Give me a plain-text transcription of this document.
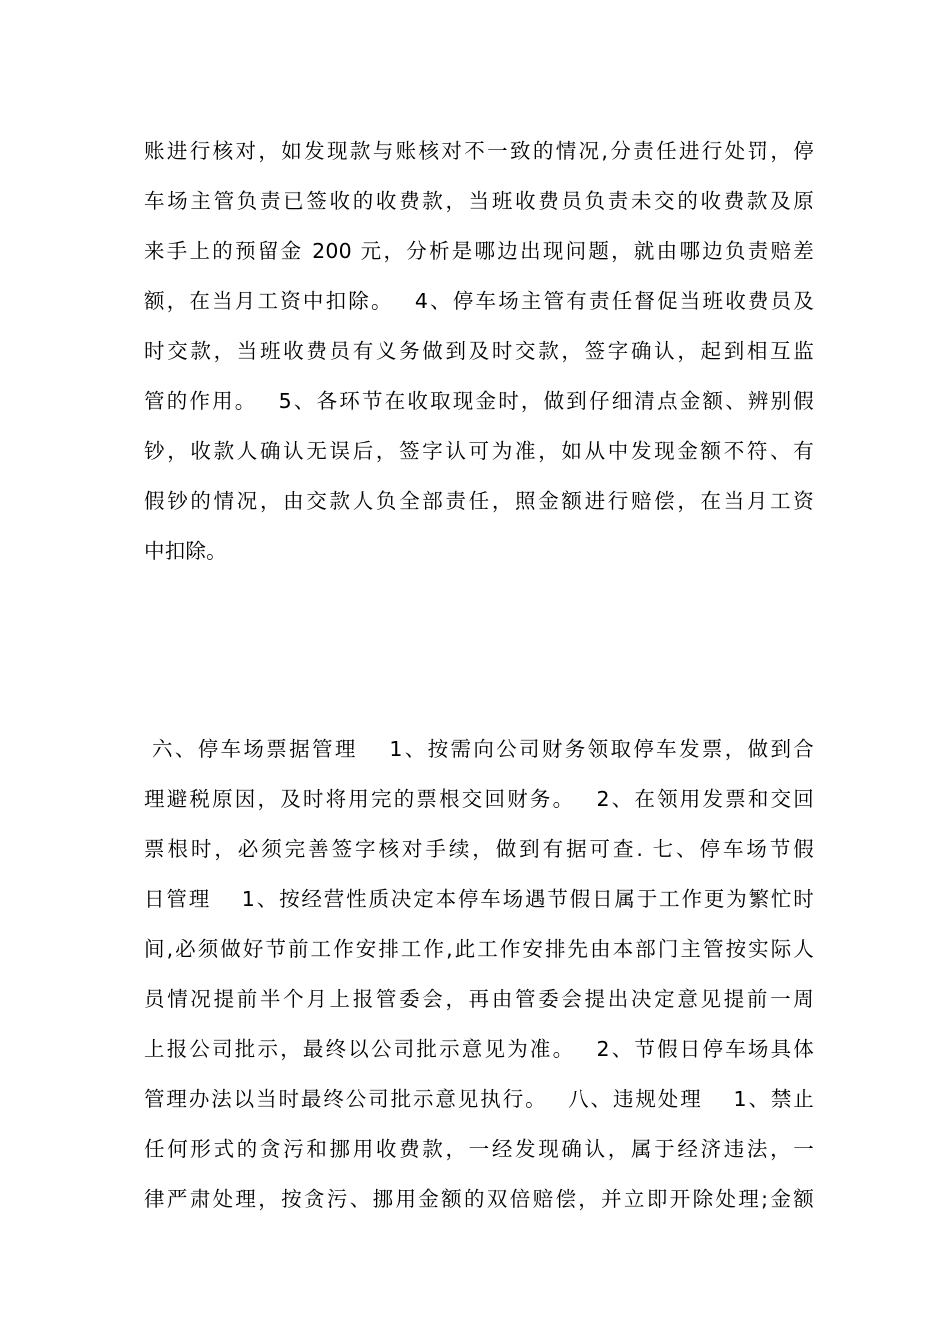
账进行核对，如发现款与账核对不一致的情况,分责任进行处罚，停
车场主管负责已签收的收费款，当班收费员负责未交的收费款及原
来手上的预留金 200 元，分析是哪边出现问题，就由哪边负责赔差
额，在当月工资中扣除。　 4、停车场主管有责任督促当班收费员及
时交款，当班收费员有义务做到及时交款，签字确认，起到相互监
管的作用。　 5、各环节在收取现金时，做到仔细清点金额、辨别假
钞，收款人确认无误后，签字认可为准，如从中发现金额不符、有
假钞的情况，由交款人负全部责任，照金额进行赔偿，在当月工资
中扣除。
六、停车场票据管理　 1、按需向公司财务领取停车发票，做到合
理避税原因，及时将用完的票根交回财务。　 2、在领用发票和交回
票根时，必须完善签字核对手续，做到有据可查. 七、停车场节假
日管理　 1、按经营性质决定本停车场遇节假日属于工作更为繁忙时
间,必须做好节前工作安排工作,此工作安排先由本部门主管按实际人
员情况提前半个月上报管委会，再由管委会提出决定意见提前一周
上报公司批示，最终以公司批示意见为准。　 2、节假日停车场具体
管理办法以当时最终公司批示意见执行。　 八、违规处理　 1、禁止
任何形式的贪污和挪用收费款，一经发现确认，属于经济违法，一
律严肃处理，按贪污、挪用金额的双倍赔偿，并立即开除处理;金额
